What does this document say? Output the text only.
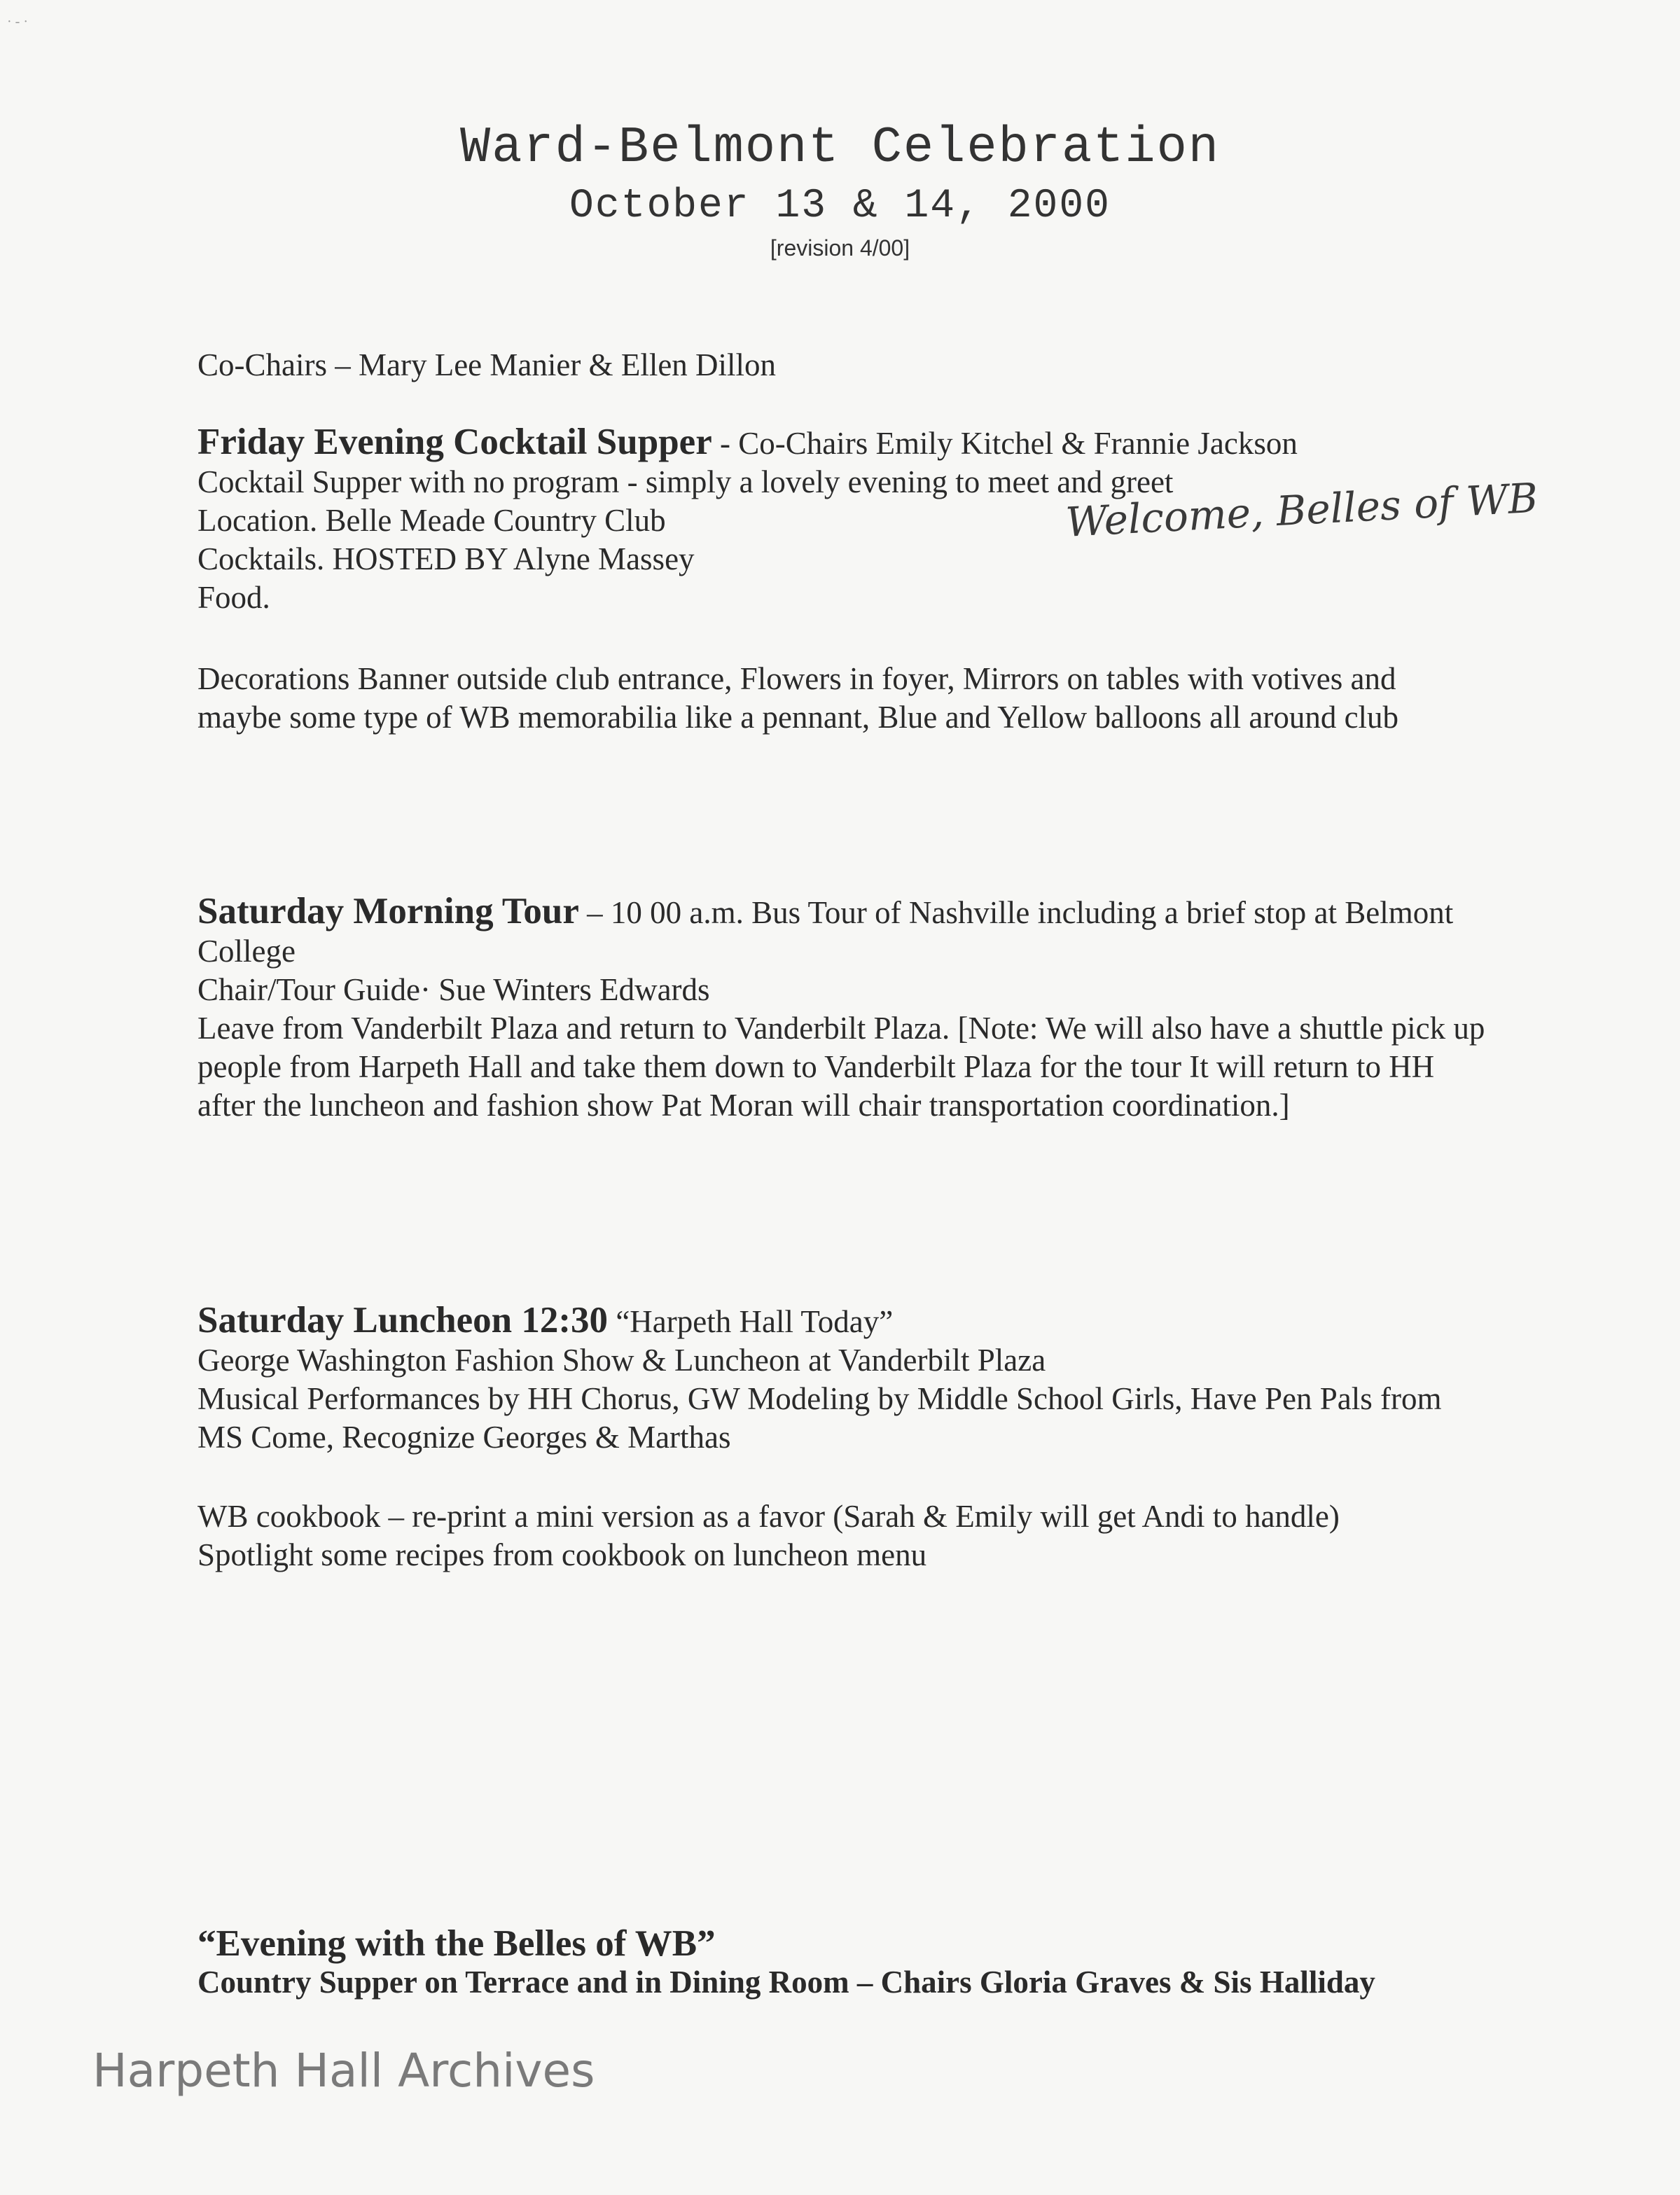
· - ·
Ward-Belmont Celebration
October 13 & 14, 2000
[revision 4/00]

Co-Chairs – Mary Lee Manier & Ellen Dillon

Friday Evening Cocktail Supper - Co-Chairs Emily Kitchel & Frannie Jackson

Cocktail Supper with no program - simply a lovely evening to meet and greet

Location. Belle Meade Country Club

Cocktails. HOSTED BY Alyne Massey

Food.

Welcome, Belles of WB

Decorations Banner outside club entrance, Flowers in foyer, Mirrors on tables with votives and maybe some type of WB memorabilia like a pennant, Blue and Yellow balloons all around club

Saturday Morning Tour – 10 00 a.m. Bus Tour of Nashville including a brief stop at Belmont College

Chair/Tour Guide· Sue Winters Edwards

Leave from Vanderbilt Plaza and return to Vanderbilt Plaza. [Note: We will also have a shuttle pick up people from Harpeth Hall and take them down to Vanderbilt Plaza for the tour It will return to HH after the luncheon and fashion show Pat Moran will chair transportation coordination.]

Saturday Luncheon 12:30 “Harpeth Hall Today”

George Washington Fashion Show & Luncheon at Vanderbilt Plaza

Musical Performances by HH Chorus, GW Modeling by Middle School Girls, Have Pen Pals from MS Come, Recognize Georges & Marthas

WB cookbook – re-print a mini version as a favor (Sarah & Emily will get Andi to handle)

Spotlight some recipes from cookbook on luncheon menu

“Evening with the Belles of WB”

Country Supper on Terrace and in Dining Room – Chairs Gloria Graves & Sis Halliday

Harpeth Hall Archives
